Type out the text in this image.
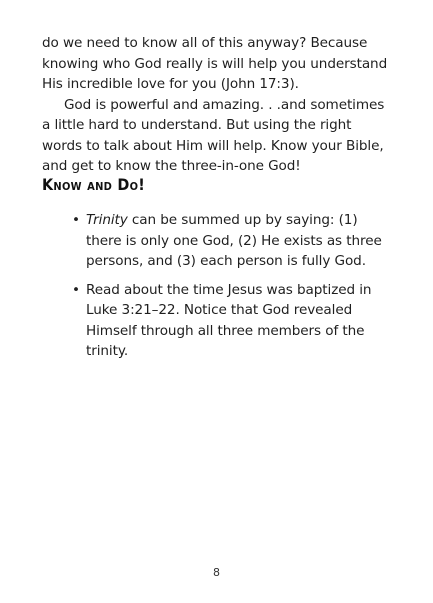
do we need to know all of this anyway? Because knowing who God really is will help you understand His incredible love for you (John 17:3).

God is powerful and amazing. . .and sometimes a little hard to understand. But using the right words to talk about Him will help. Know your Bible, and get to know the three-in-one God!

Know and Do!
• Trinity can be summed up by saying: (1) there is only one God, (2) He exists as three persons, and (3) each person is fully God.
• Read about the time Jesus was baptized in Luke 3:21–22. Notice that God revealed Himself through all three members of the trinity.
8
